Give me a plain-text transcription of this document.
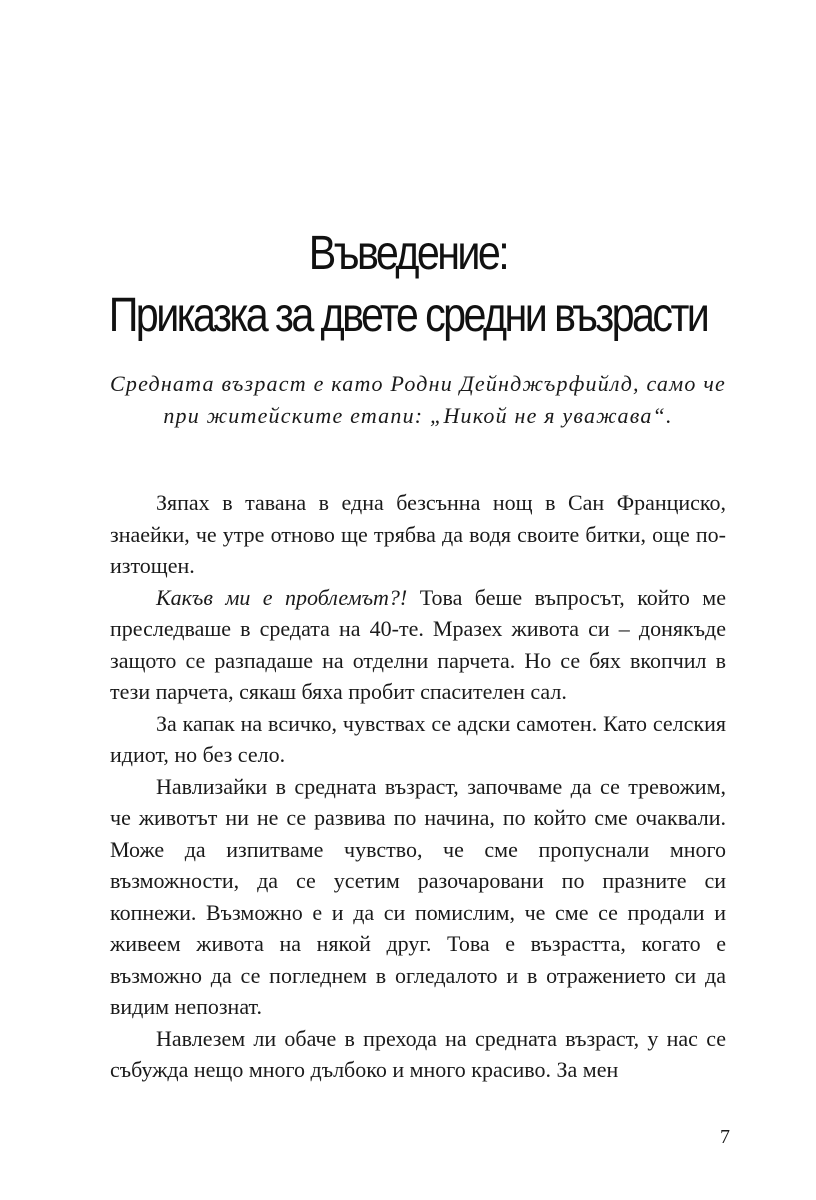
Въведение:
Приказка за двете средни възрасти

Средната възраст е като Родни Дейнджърфийлд, само че при житейските етапи: „Никой не я уважава“.

Зяпах в тавана в една безсънна нощ в Сан Франциско, знаейки, че утре отново ще трябва да водя своите битки, още по-изтощен.

Какъв ми е проблемът?! Това беше въпросът, който ме преследваше в средата на 40-те. Мразех живота си – донякъде защото се разпадаше на отделни парчета. Но се бях вкопчил в тези парчета, сякаш бяха пробит спасителен сал.

За капак на всичко, чувствах се адски самотен. Като селския идиот, но без село.

Навлизайки в средната възраст, започваме да се тревожим, че животът ни не се развива по начина, по който сме очаквали. Може да изпитваме чувство, че сме пропуснали много възможности, да се усетим разочаровани по празните си копнежи. Възможно е и да си помислим, че сме се продали и живеем живота на някой друг. Това е възрастта, когато е възможно да се погледнем в огледалото и в отражението си да видим непознат.

Навлезем ли обаче в прехода на средната възраст, у нас се събужда нещо много дълбоко и много красиво. За мен

7
